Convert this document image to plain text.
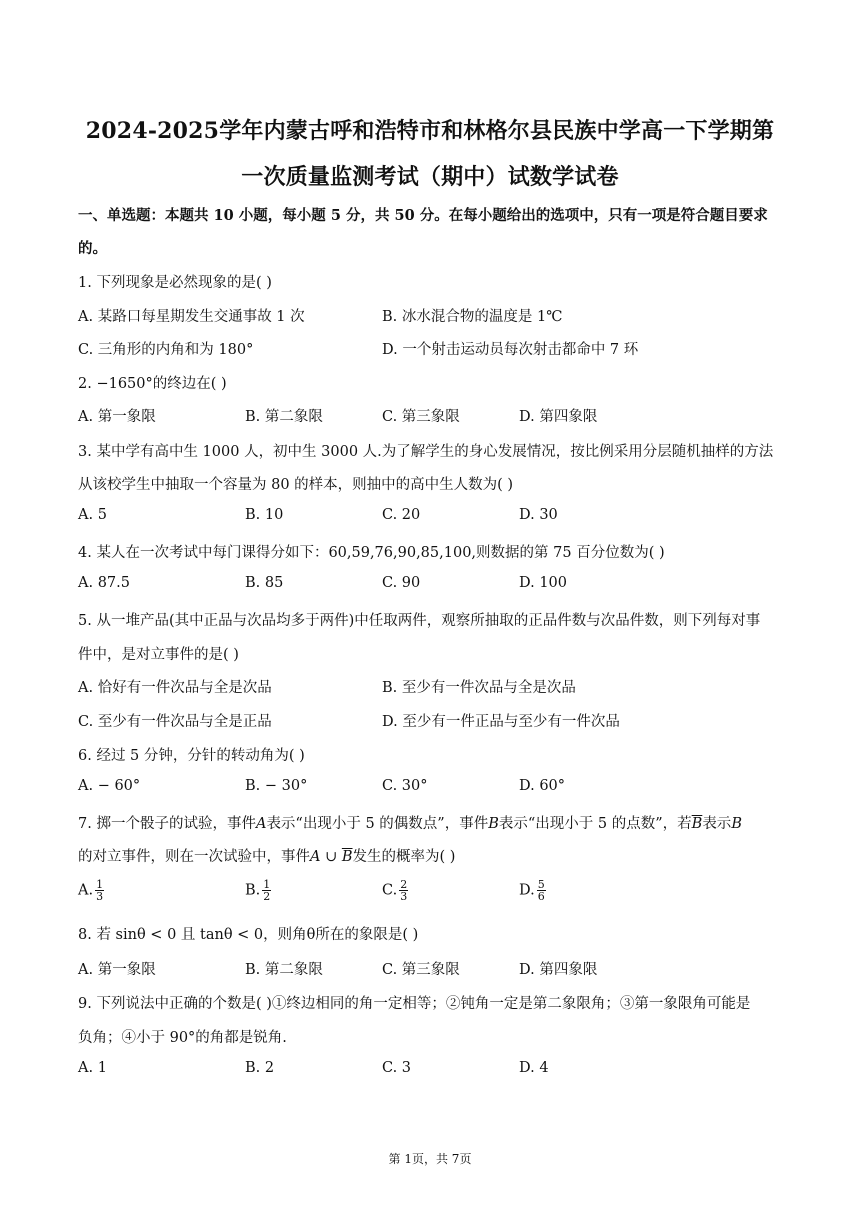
2024-2025学年内蒙古呼和浩特市和林格尔县民族中学高一下学期第
一次质量监测考试（期中）试数学试卷
一、单选题：本题共 10 小题，每小题 5 分，共 50 分。在每小题给出的选项中，只有一项是符合题目要求
的。
1. 下列现象是必然现象的是( )
A. 某路口每星期发生交通事故 1 次	B. 冰水混合物的温度是 1℃
C. 三角形的内角和为 180°	D. 一个射击运动员每次射击都命中 7 环
2. −1650°的终边在( )
A. 第一象限	B. 第二象限	C. 第三象限	D. 第四象限
3. 某中学有高中生 1000 人，初中生 3000 人.为了解学生的身心发展情况，按比例采用分层随机抽样的方法
从该校学生中抽取一个容量为 80 的样本，则抽中的高中生人数为( )
A. 5	B. 10	C. 20	D. 30
4. 某人在一次考试中每门课得分如下：60,59,76,90,85,100,则数据的第 75 百分位数为( )
A. 87.5	B. 85	C. 90	D. 100
5. 从一堆产品(其中正品与次品均多于两件)中任取两件，观察所抽取的正品件数与次品件数，则下列每对事
件中，是对立事件的是( )
A. 恰好有一件次品与全是次品	B. 至少有一件次品与全是次品
C. 至少有一件次品与全是正品	D. 至少有一件正品与至少有一件次品
6. 经过 5 分钟，分针的转动角为( )
A. − 60°	B. − 30°	C. 30°	D. 60°
7. 掷一个骰子的试验，事件A表示“出现小于 5 的偶数点”，事件B表示“出现小于 5 的点数”，若$\overline{B}$表示B
的对立事件，则在一次试验中，事件A ∪ $\overline{B}$发生的概率为( )
A. $\frac{1}{3}$	B. $\frac{1}{2}$	C. $\frac{2}{3}$	D. $\frac{5}{6}$
8. 若 sinθ < 0 且 tanθ < 0，则角θ所在的象限是( )
A. 第一象限	B. 第二象限	C. 第三象限	D. 第四象限
9. 下列说法中正确的个数是( )①终边相同的角一定相等；②钝角一定是第二象限角；③第一象限角可能是
负角；④小于 90°的角都是锐角.
A. 1	B. 2	C. 3	D. 4
第 1页，共 7页
